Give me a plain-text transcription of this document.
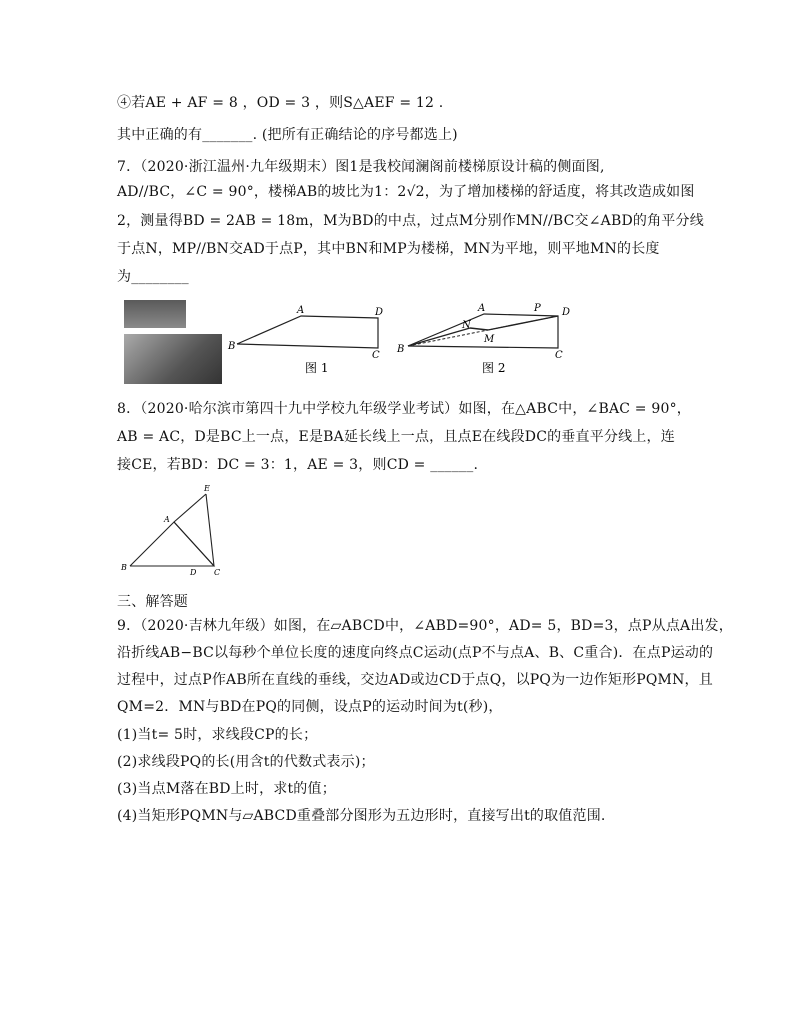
④若AE + AF = 8 ，OD = 3 ，则S△AEF = 12 .
其中正确的有_______. (把所有正确结论的序号都选上)
7．（2020·浙江温州·九年级期末）图1是我校闻澜阁前楼梯原设计稿的侧面图,
AD//BC，∠C = 90°，楼梯AB的坡比为1：2√2，为了增加楼梯的舒适度，将其改造成如图
2，测量得BD = 2AB = 18m，M为BD的中点，过点M分别作MN//BC交∠ABD的角平分线
于点N，MP//BN交AD于点P，其中BN和MP为楼梯，MN为平地，则平地MN的长度
为________
A
B
C
D
图 1
A	P D
N
M
B
C
图 2
8．（2020·哈尔滨市第四十九中学校九年级学业考试）如图，在△ABC中，∠BAC = 90°，
AB = AC，D是BC上一点，E是BA延长线上一点，且点E在线段DC的垂直平分线上，连
接CE，若BD：DC = 3：1，AE = 3，则CD = ______.
E
A
B
D C
三、解答题
9．（2020·吉林九年级）如图，在▱ABCD中，∠ABD=90°，AD= 5，BD=3，点P从点A出发，
沿折线AB−BC以每秒个单位长度的速度向终点C运动(点P不与点A、B、C重合)．在点P运动的
过程中，过点P作AB所在直线的垂线，交边AD或边CD于点Q，以PQ为一边作矩形PQMN，且
QM=2．MN与BD在PQ的同侧，设点P的运动时间为t(秒)，
(1)当t= 5时，求线段CP的长；
(2)求线段PQ的长(用含t的代数式表示)；
(3)当点M落在BD上时，求t的值；
(4)当矩形PQMN与▱ABCD重叠部分图形为五边形时，直接写出t的取值范围.
